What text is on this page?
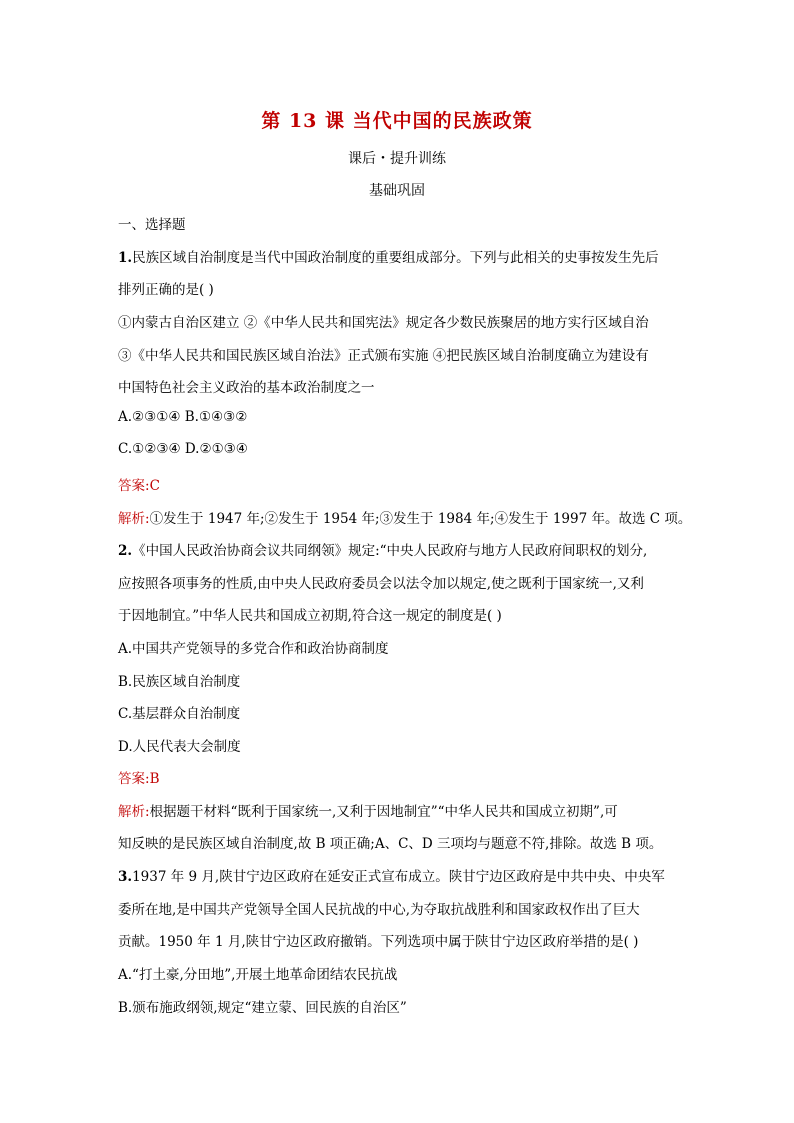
第 13 课 当代中国的民族政策
课后・提升训练
基础巩固
一、选择题
1.民族区域自治制度是当代中国政治制度的重要组成部分。下列与此相关的史事按发生先后
排列正确的是( )
①内蒙古自治区建立 ②《中华人民共和国宪法》规定各少数民族聚居的地方实行区域自治
③《中华人民共和国民族区域自治法》正式颁布实施 ④把民族区域自治制度确立为建设有
中国特色社会主义政治的基本政治制度之一
A.②③①④ B.①④③②
C.①②③④ D.②①③④
答案:C
解析:①发生于 1947 年;②发生于 1954 年;③发生于 1984 年;④发生于 1997 年。故选 C 项。
2.《中国人民政治协商会议共同纲领》规定:“中央人民政府与地方人民政府间职权的划分,
应按照各项事务的性质,由中央人民政府委员会以法令加以规定,使之既利于国家统一,又利
于因地制宜。”中华人民共和国成立初期,符合这一规定的制度是( )
A.中国共产党领导的多党合作和政治协商制度
B.民族区域自治制度
C.基层群众自治制度
D.人民代表大会制度
答案:B
解析:根据题干材料“既利于国家统一,又利于因地制宜”“中华人民共和国成立初期”,可
知反映的是民族区域自治制度,故 B 项正确;A、C、D 三项均与题意不符,排除。故选 B 项。
3.1937 年 9 月,陕甘宁边区政府在延安正式宣布成立。陕甘宁边区政府是中共中央、中央军
委所在地,是中国共产党领导全国人民抗战的中心,为夺取抗战胜利和国家政权作出了巨大
贡献。1950 年 1 月,陕甘宁边区政府撤销。下列选项中属于陕甘宁边区政府举措的是( )
A.“打土豪,分田地”,开展土地革命团结农民抗战
B.颁布施政纲领,规定“建立蒙、回民族的自治区”
